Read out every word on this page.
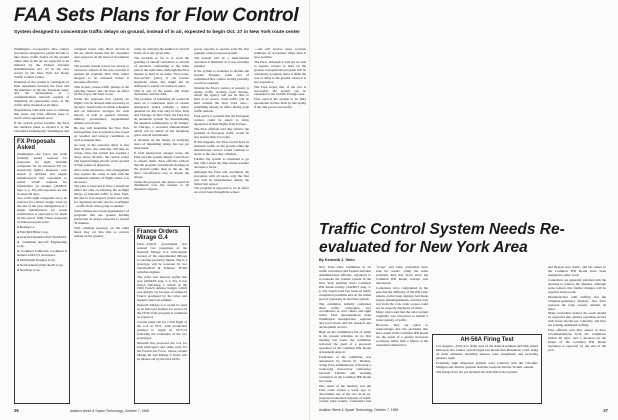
FAA Sets Plans for Flow Control
System designed to concentrate traffic delays on ground, instead of in air, expected to begin Oct. 27 in New York route center

Washington—Cooperative flow control procedures designed to permit aircraft to take major traffic delays on the ground rather than in the air are expected to be initiated by the Federal Aviation Administration Oct. 27 in the area served by the New York Air Route Traffic Control Center.

Initiation of the system is contingent on final agreement between the FAA and the members of the Air Transport Assn. and the development of a communications network capable of informing all appropriate users of the traffic delay situation at all times.

Negotiations with ATA were to continue this week, and FAA officials hope to reach a final agreement soon.

If the system proves feasible, the FAA has tentative plans to expand it to the Cleveland, Indianapolis, Washington and

computer issues only direct aircraft in the air, which means that the controller uses operators on the basis of incomplete data.

The present system rejects too slowly to exceed its airports in the area, because it permits all available New York center airspace to be saturated before it becomes effective.

This in turn, causes traffic pileups at the outlying centers and can have an effect all the way to the West Coast.

Under the proposed new system, no flights will be delayed until necessary in advance, based both on airline schedules and on historical averages for each airport, as well as general aviation, military, government, supplemental airlines and air taxi.

He also will determine the New York metropolitan area acceptance rate, based on weather and runway conditions as well as manual data.

As long as the expected delay is less than 30 min., the controller will take no action. Once the system has reached a delay above 30 min., the central action will begin holding aircraft on the ground at their points of departure.

After some experience, this arrangement may require the center to deal with the cumulative number of flights where it is necessary.

The plan is expected to have a beneficial effect not only on reducing the in-flight delays of inbound traffic to New York, but also to free airspace in that area both for departing aircraft and for overflights—traffic from cities going to another.

Some airlines have been apprehensive of programs that use ground holding predicated on delays expected to exceed 30 minutes.

Still, schedule pressure, on the other hand, may cut into this so carriers remain on the ground.

safety by reducing the number of aircraft in the air at any given time.

The problem so far is to work the granting of takeoff clearances to aircraft of operators conforming to the same plan at the same time. Although the FAA intends to hold in its name "first-come, first-served" policy, it can foresee situations where this might not be sufficient to satisfy all would-be users.

This is one of the points still under discussion with the ATA.

The problem of informing all would-be users on a continuous basis of current anticipated delays remains a major question for this trial only in New York and Chicago. In New York, the FAA has an automatic system for disseminating the situation continuously to all airlines. In Chicago, a recorded announcement which can be dialed on the telephone gives current information.

A decision on the means of notifying users of impending delays has not yet been made.

If such unexpected outages occur, the FAA said the system simply would have to absorb them. FAA officials believe that the program concentrates holding on the ground rather than in the air, the most cost-effective way to absorb the delays.

Under the proposal, the delays would be distributed over the stations at all departure airports.

power capacity to operate even the first segment of the proposed system.

The system will be a semi-manual operation if instituted as it was currently planned.

If the system is extended to include the Golden Triangle, some sort of centralized flow control facility probably would be required.

Outside the FAA's control, at present, is airline traffic arriving from Europe, which the agency will not be able to hold at its source. Such traffic will be held outside the New York area—something already in effect during peak traffic periods.

FAA said it is possible that the European carriers could be asked to delay departures of their flights from Europe.

The FAA officials said they believe the problem of European traffic would be less serious than it is today.

If this happens, the FAA would hold its domestic traffic on the ground while the international carriers would continue to arrive at the rates they schedule.

Further, the system is scheduled to go into effect about the time winter weather becomes a factor.

Although the FAA will coordinate the procedure with all users, only the first part will be implemented during the initial trial period.

The program is expected to be in effect on a trial basis through the winter.

—and will receive more accurate estimates of acceptance times than is now possible.

The FAA, although it will not be able to require carriers to hold on the ground, is hopeful the program will be voluntarily accepted, since it shifts the cost of delay to the ground, where it is less expensive.

The FAA hopes that, if the test is successful, the system can be expanded to the Golden Triangle area.

FAA expects the system to be fully operational in New York by late spring if the trial proves successful.

FX Proposals Asked

Washington—Air Force last week formally issued requests for proposals for eight airframe companies for its advanced FX air-superiority fighter. Requests were issued to airframe and engine manufacturers that responded to earlier USAF requests for information on designs (AW&ST Sept. 2, p. 35), and responses are due in about 90 days.

Two of the eight companies are to be selected for refined design work by the end of the year. Designation of a single manufacturer for actual construction is expected to be made by the end of 1969. Those requested to make proposals were:

● Boeing Co.

● Fairchild Hiller Corp.

● General Dynamics/Fort Worth Div.

● Grumman Aircraft Engineering Corp.

● Lockheed California. Lockheed is teamed with LTV Aerospace.

● McDonnell Douglas Corp.

● North American Rockwell Corp.

● Northrop Corp.

France Orders Mirage G.4

Paris—French government has ordered two prototypes of the Dassault Mirage G.4, twin-engine version of the experimental Mirage G variable-geometry fighter. The G.4 prototype will be powered by two Snecma/Pratt & Whitney TF306 turbofan engines.

The order was forecast earlier this year (AW&ST Aug. 5, p. 35). It was issued following a redraft of the 1969 French defense budget, which was sharply cut because of strikes in France prompted by the labor and student crisis last summer.

Dassault Mirage G.4 would be used as an intercept bomber for service in the 1970s if the program is continued as expected.

Current plans call for a first flight of the G.4 in 1971, with production planned to begin in 1973-74 following the evaluation of the two prototypes.

Dassault has proposed the G.4 for both interceptor and strike roles for the French Air Force, whose current Mirage III and Mirage V fleets will be phased out by the mid-1970s.

Traffic Control System Needs Re-evaluated for New York Area
By Kenneth J. Stein

New York—New committee of air traffic controllers and Federal Aviation Administration officials, organized to re-evaluate the present system in the New York terminal area's Common IFR Room facility (AW&ST Aug. 5, p. 26), began work last week on traffic congestion problems and on the initial goal of preparing an alternate system.

The committee initially comprises three traffic controllers, two coordinators or crew chiefs, and eight senior FAA representatives from Washington headquarters, regional and local levels and the research and development service.

High on the committee's list of items is the present schedule. At its first meeting last week, the committee reviewed the goals of a proposed operation of the Common IFR Room at Kennedy Airport.

Formation of the committee was announced by David D. Thomas, acting FAA administrator, following a week-long closed-door conference between Thomas and working controllers in the Common IFR Room last week.

One result of the meeting was the FAA order, issued a week ago, to discontinue use of the two 41-in.-sq. projection television displays of traffic control radar returns. Controllers had

"scope" and radar controllers have said for weeks, citing the same problems they had faced since the Common IFR Room concept was introduced.

Controllers have complained in the past that the difficulty of the IFR radar returns on the large displays had made targets indistinguishable, and that data lost from the 2-in. radar scopes could not be properly displayed on them.

Many critics said that the radar system originally was conceived to handle a lower density of traffic.

However, they are quick to acknowledge that the problems that have arisen in the Common IFR Room are the result of a greatly increased workload, rather than a failure of the controllers themselves.

and Boston area traffic, and the radars in the Common IFR Room have been assigned to other work.

Controllers are generally satisfied with the decision to remove the displays, although some believe that further changes will be required in the room.

Dissatisfaction with staffing and the computer-generated displays that have replaced the large screens remains an issue.

Many controllers believe the room should be separated into smaller operating sectors with fewer aircraft per controller, and they are seeking additional staffing.

FAA officials said they expect to have recommendations from the committee within 60 days, and a decision on the future of the Common IFR Room operation is expected by the end of the year.

AH-56A Firing Test

Los Angeles—First live firing tests of the Army/Lockheed AH-56A armed helicopter fire control system began last month near Beaumont, Calif. using all main elements, including sensors, laser rangefinder and swiveling gunner's sight.

Extremely high dispersion patterns were achieved with the 7.62-mm. Minigun and 40-mm. grenade launcher weapons and the 30-mm. cannon.

The firings have not yet included the XM-200 rocket system.

36	Aviation Week & Space Technology, October 7, 1968	Aviation Week & Space Technology, October 7, 1968	37
